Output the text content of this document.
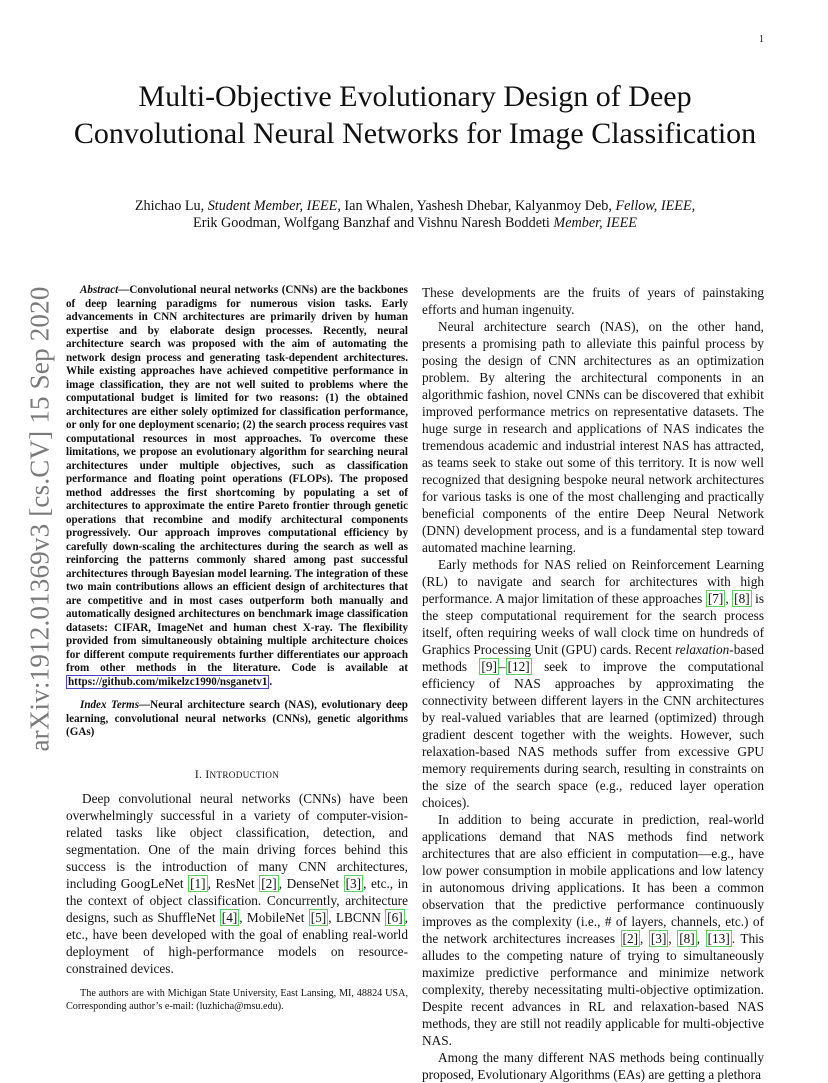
1
arXiv:1912.01369v3 [cs.CV] 15 Sep 2020
Multi-Objective Evolutionary Design of Deep Convolutional Neural Networks for Image Classification
Zhichao Lu, Student Member, IEEE, Ian Whalen, Yashesh Dhebar, Kalyanmoy Deb, Fellow, IEEE,
Erik Goodman, Wolfgang Banzhaf and Vishnu Naresh Boddeti Member, IEEE

Abstract—Convolutional neural networks (CNNs) are the backbones of deep learning paradigms for numerous vision tasks. Early advancements in CNN architectures are primarily driven by human expertise and by elaborate design processes. Recently, neural architecture search was proposed with the aim of automating the network design process and generating task-dependent architectures. While existing approaches have achieved competitive performance in image classification, they are not well suited to problems where the computational budget is limited for two reasons: (1) the obtained architectures are either solely optimized for classification performance, or only for one deployment scenario; (2) the search process requires vast computational resources in most approaches. To overcome these limitations, we propose an evolutionary algorithm for searching neural architectures under multiple objectives, such as classification performance and floating point operations (FLOPs). The proposed method addresses the first shortcoming by populating a set of architectures to approximate the entire Pareto frontier through genetic operations that recombine and modify architectural components progressively. Our approach improves computational efficiency by carefully down-scaling the architectures during the search as well as reinforcing the patterns commonly shared among past successful architectures through Bayesian model learning. The integration of these two main contributions allows an efficient design of architectures that are competitive and in most cases outperform both manually and automatically designed architectures on benchmark image classification datasets: CIFAR, ImageNet and human chest X-ray. The flexibility provided from simultaneously obtaining multiple architecture choices for different compute requirements further differentiates our approach from other methods in the literature. Code is available at https://github.com/mikelzc1990/nsganetv1 .

Index Terms—Neural architecture search (NAS), evolutionary deep learning, convolutional neural networks (CNNs), genetic algorithms (GAs)

I. INTRODUCTION

Deep convolutional neural networks (CNNs) have been overwhelmingly successful in a variety of computer-vision-related tasks like object classification, detection, and segmentation. One of the main driving forces behind this success is the introduction of many CNN architectures, including GoogLeNet [1] , ResNet [2] , DenseNet [3] , etc., in the context of object classification. Concurrently, architecture designs, such as ShuffleNet [4] , MobileNet [5] , LBCNN [6] , etc., have been developed with the goal of enabling real-world deployment of high-performance models on resource-constrained devices.

The authors are with Michigan State University, East Lansing, MI, 48824 USA, Corresponding author’s e-mail: (luzhicha@msu.edu).

These developments are the fruits of years of painstaking efforts and human ingenuity.

Neural architecture search (NAS), on the other hand, presents a promising path to alleviate this painful process by posing the design of CNN architectures as an optimization problem. By altering the architectural components in an algorithmic fashion, novel CNNs can be discovered that exhibit improved performance metrics on representative datasets. The huge surge in research and applications of NAS indicates the tremendous academic and industrial interest NAS has attracted, as teams seek to stake out some of this territory. It is now well recognized that designing bespoke neural network architectures for various tasks is one of the most challenging and practically beneficial components of the entire Deep Neural Network (DNN) development process, and is a fundamental step toward automated machine learning.

Early methods for NAS relied on Reinforcement Learning (RL) to navigate and search for architectures with high performance. A major limitation of these approaches [7] , [8] is the steep computational requirement for the search process itself, often requiring weeks of wall clock time on hundreds of Graphics Processing Unit (GPU) cards. Recent relaxation-based methods [9] – [12] seek to improve the computational efficiency of NAS approaches by approximating the connectivity between different layers in the CNN architectures by real-valued variables that are learned (optimized) through gradient descent together with the weights. However, such relaxation-based NAS methods suffer from excessive GPU memory requirements during search, resulting in constraints on the size of the search space (e.g., reduced layer operation choices).

In addition to being accurate in prediction, real-world applications demand that NAS methods find network architectures that are also efficient in computation—e.g., have low power consumption in mobile applications and low latency in autonomous driving applications. It has been a common observation that the predictive performance continuously improves as the complexity (i.e., # of layers, channels, etc.) of the network architectures increases [2] , [3] , [8] , [13] . This alludes to the competing nature of trying to simultaneously maximize predictive performance and minimize network complexity, thereby necessitating multi-objective optimization. Despite recent advances in RL and relaxation-based NAS methods, they are still not readily applicable for multi-objective NAS.

Among the many different NAS methods being continually proposed, Evolutionary Algorithms (EAs) are getting a plethora
